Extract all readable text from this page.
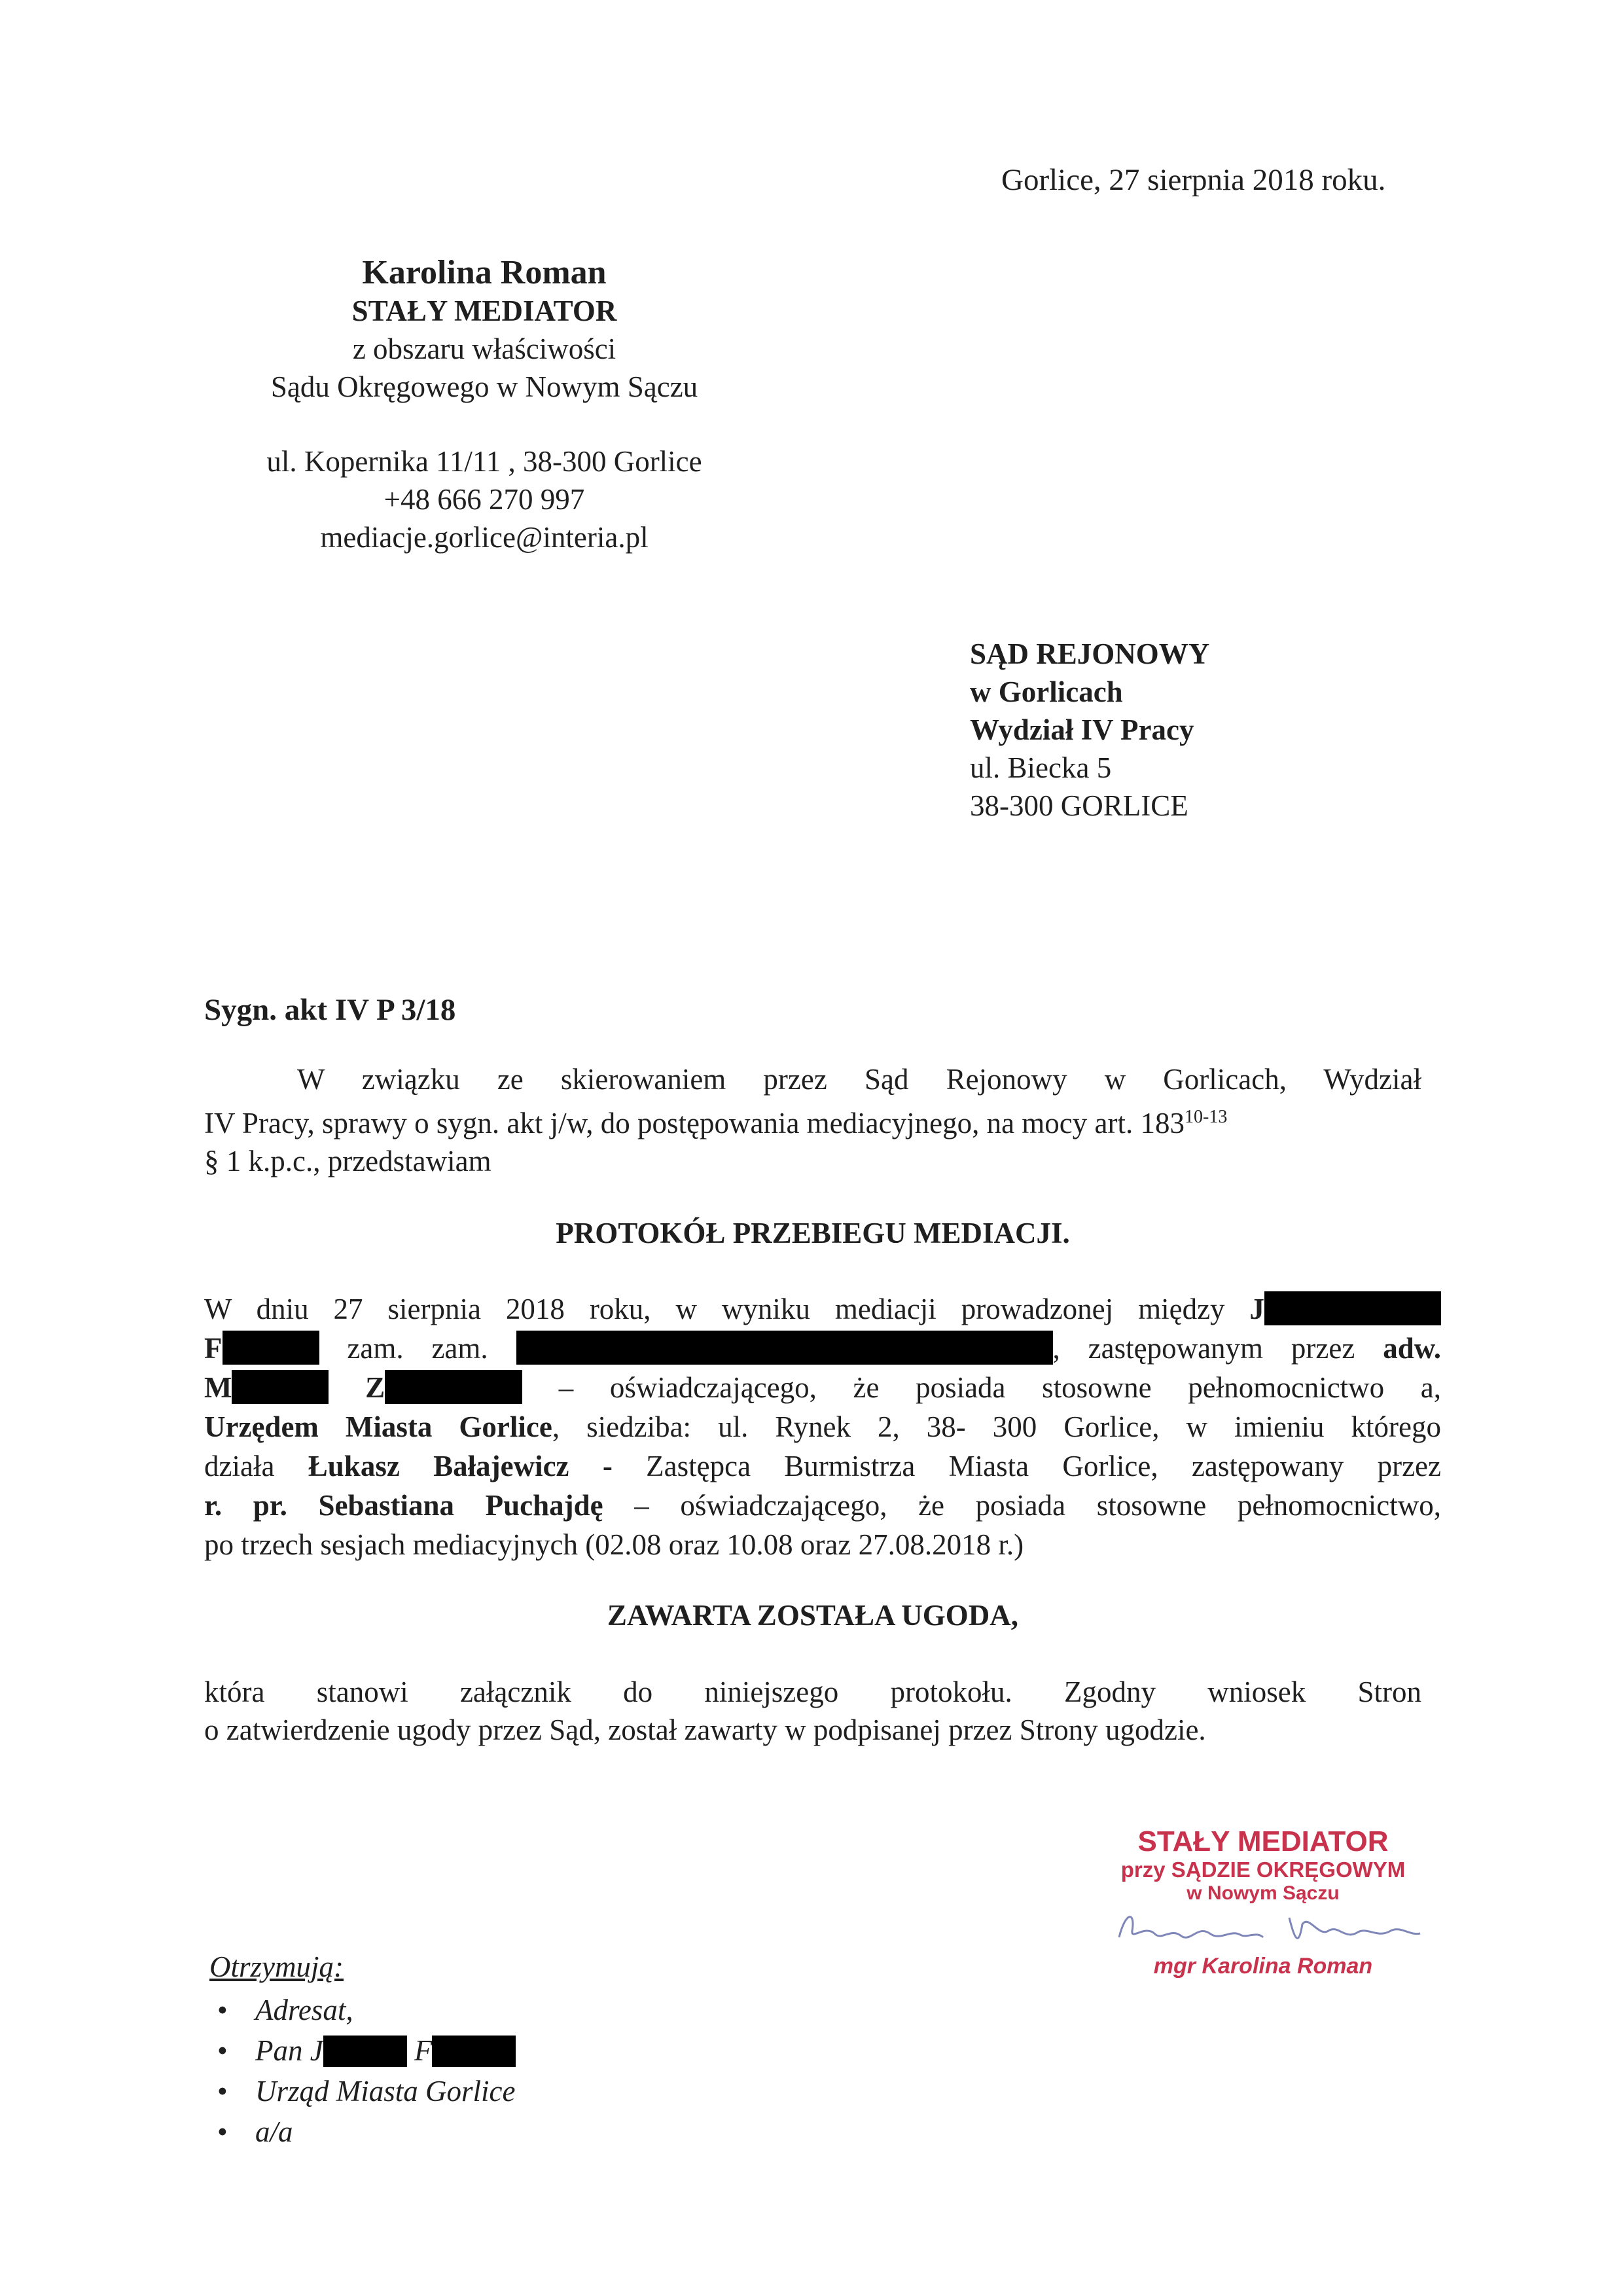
Gorlice, 27 sierpnia 2018 roku.
Karolina Roman
STAŁY MEDIATOR
z obszaru właściwości
Sądu Okręgowego w Nowym Sączu
ul. Kopernika 11/11 , 38-300 Gorlice
+48 666 270 997
mediacje.gorlice@interia.pl
SĄD REJONOWY
w Gorlicach
Wydział IV Pracy
ul. Biecka 5
38-300 GORLICE
Sygn. akt IV P 3/18
W związku ze skierowaniem przez Sąd Rejonowy w Gorlicach, Wydział
IV Pracy, sprawy o sygn. akt j/w, do postępowania mediacyjnego, na mocy art. 183$^{10-13}$
§ 1 k.p.c., przedstawiam
PROTOKÓŁ PRZEBIEGU MEDIACJI.
W dniu 27 sierpnia 2018 roku, w wyniku mediacji prowadzonej między J
F	zam. zam.	, zastępowanym przez adw.
M	Z	– oświadczającego, że posiada stosowne pełnomocnictwo a,
Urzędem Miasta Gorlice, siedziba: ul. Rynek 2, 38- 300 Gorlice, w imieniu którego
działa Łukasz Bałajewicz - Zastępca Burmistrza Miasta Gorlice, zastępowany przez
r. pr. Sebastiana Puchajdę – oświadczającego, że posiada stosowne pełnomocnictwo,
po trzech sesjach mediacyjnych (02.08 oraz 10.08 oraz 27.08.2018 r.)
ZAWARTA ZOSTAŁA UGODA,
która stanowi załącznik do niniejszego protokołu. Zgodny wniosek Stron
o zatwierdzenie ugody przez Sąd, został zawarty w podpisanej przez Strony ugodzie.
STAŁY MEDIATOR
przy SĄDZIE OKRĘGOWYM
w Nowym Sączu
mgr Karolina Roman
Otrzymują:
• Adresat,
• Pan J	F
• Urząd Miasta Gorlice
• a/a
